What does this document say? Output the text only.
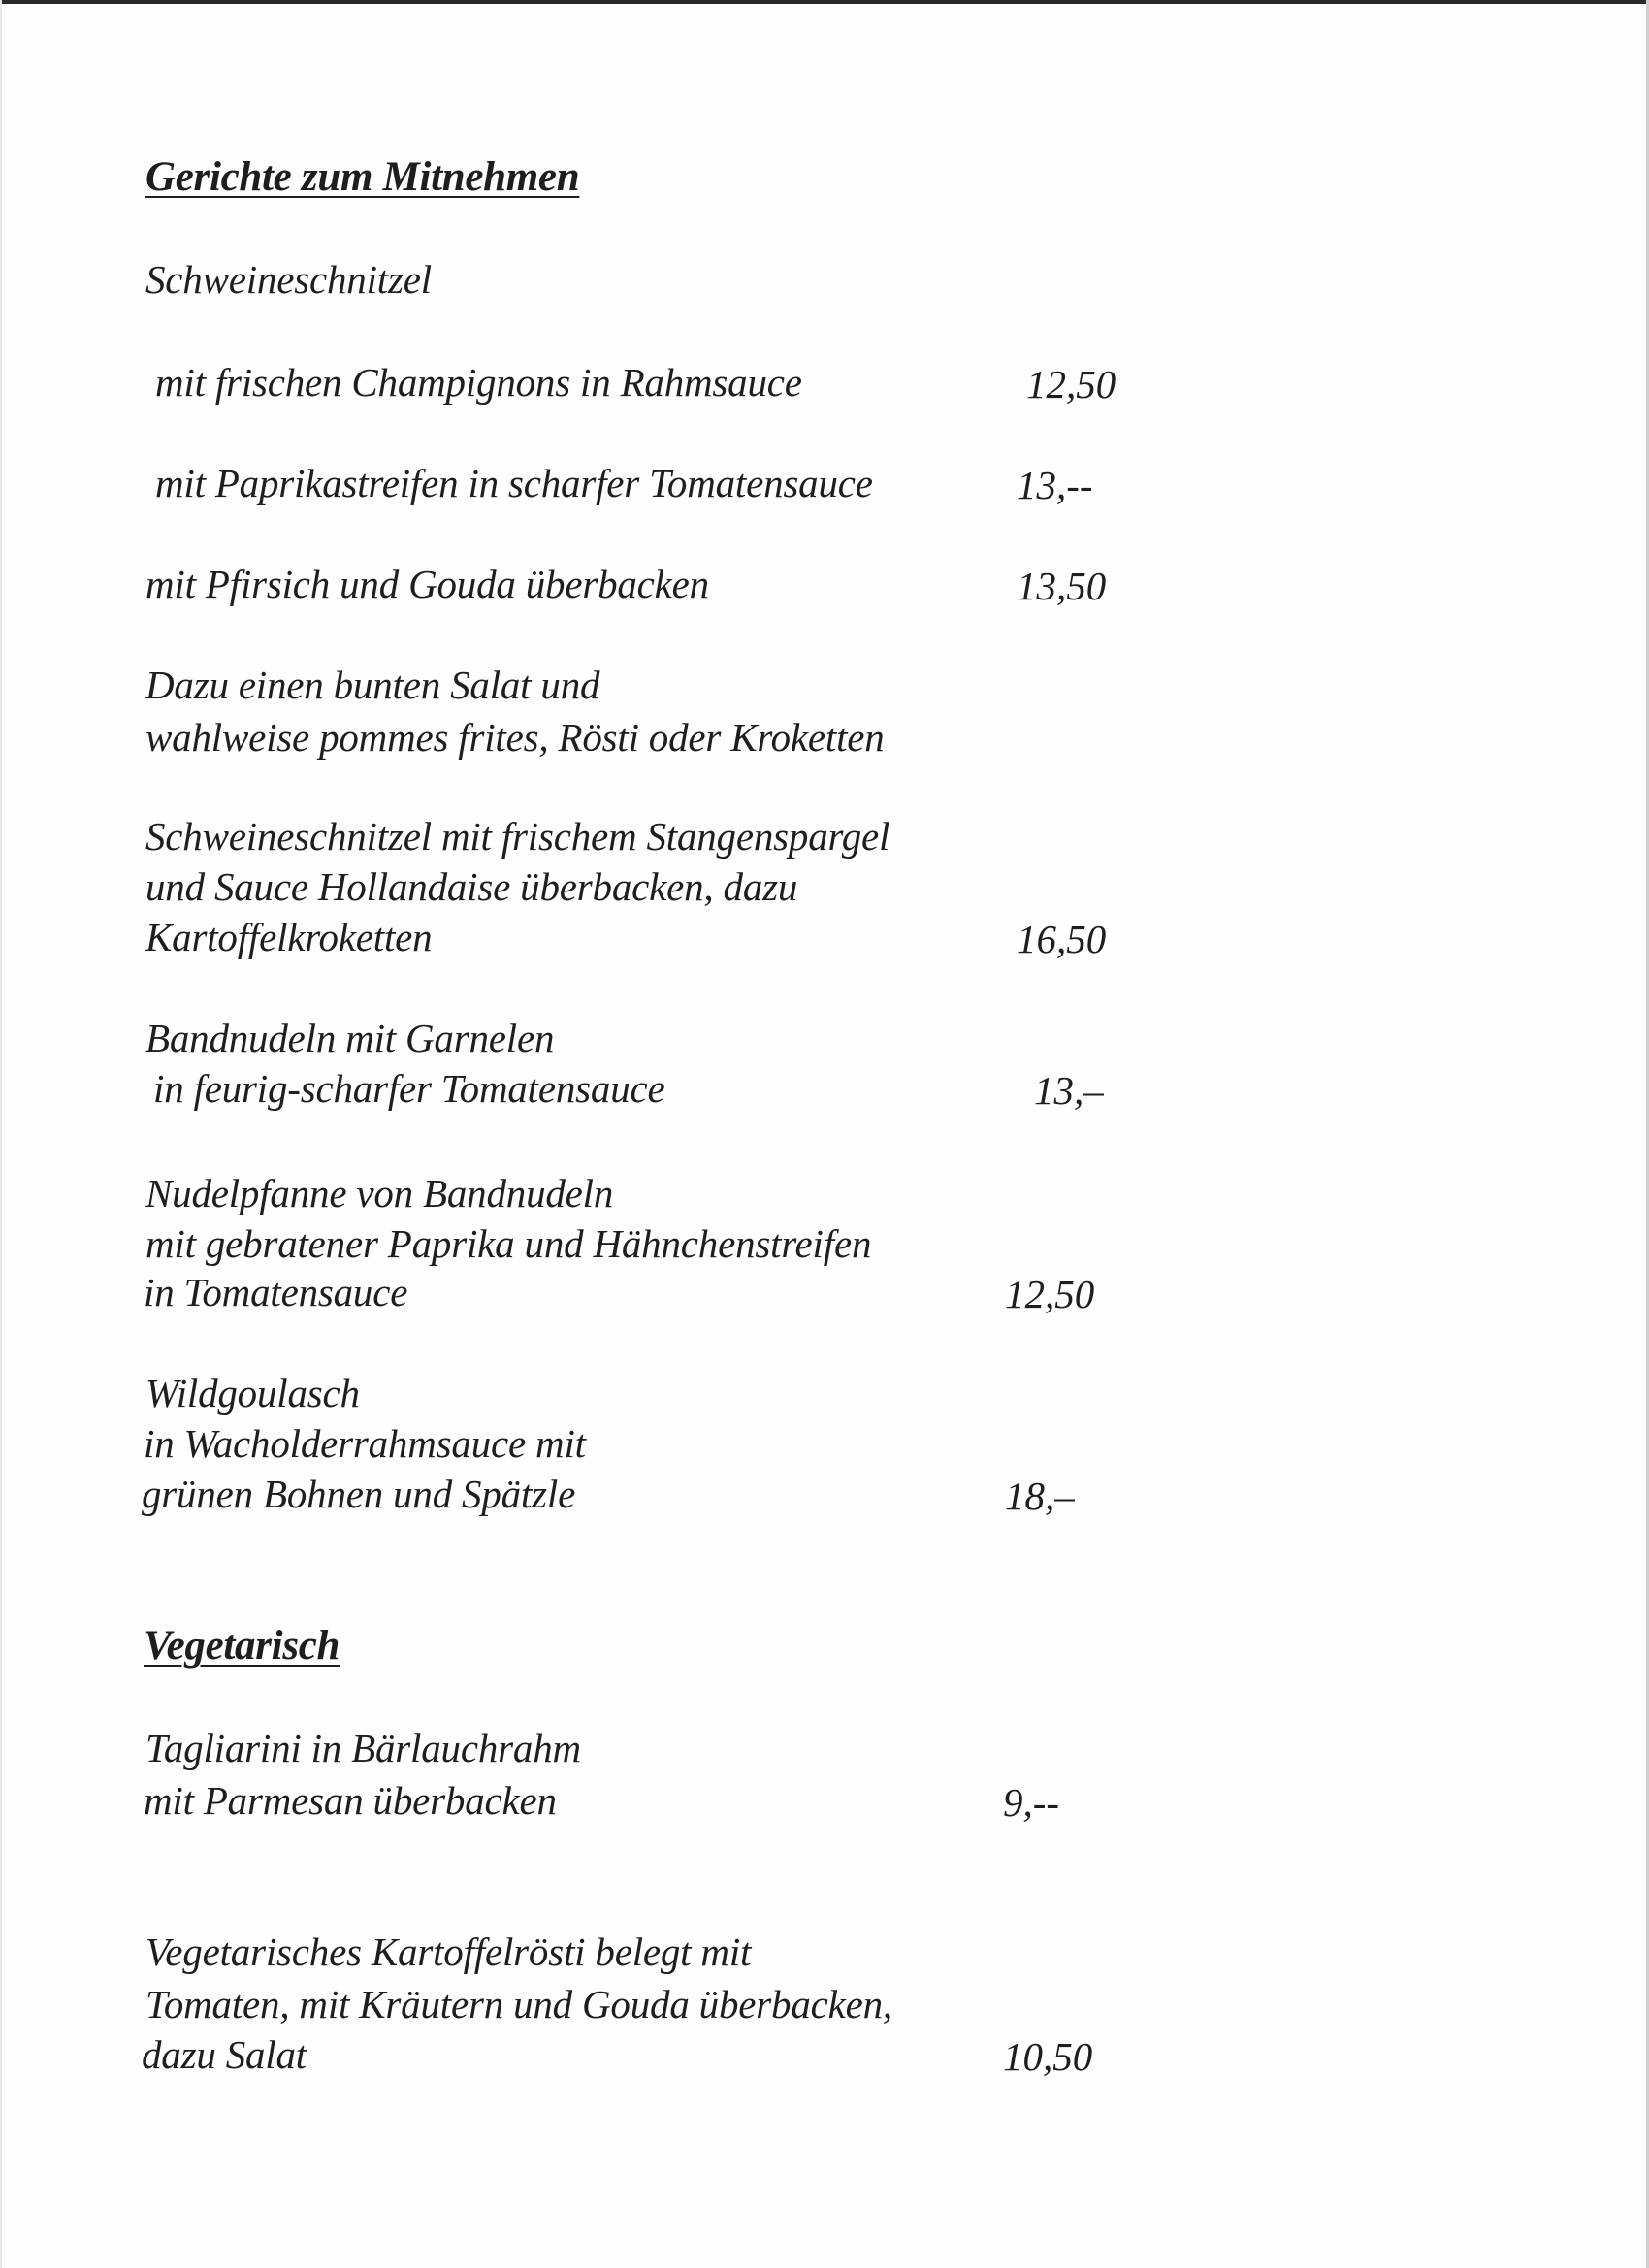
Gerichte zum Mitnehmen
Schweineschnitzel
mit frischen Champignons in Rahmsauce	12,50
mit Paprikastreifen in scharfer Tomatensauce	13,--
mit Pfirsich und Gouda überbacken	13,50
Dazu einen bunten Salat und
wahlweise pommes frites, Rösti oder Kroketten
Schweineschnitzel mit frischem Stangenspargel
und Sauce Hollandaise überbacken, dazu
Kartoffelkroketten	16,50
Bandnudeln mit Garnelen
in feurig-scharfer Tomatensauce	13,–
Nudelpfanne von Bandnudeln
mit gebratener Paprika und Hähnchenstreifen
in Tomatensauce	12,50
Wildgoulasch
in Wacholderrahmsauce mit
grünen Bohnen und Spätzle	18,–
Vegetarisch
Tagliarini in Bärlauchrahm
mit Parmesan überbacken	9,--
Vegetarisches Kartoffelrösti belegt mit
Tomaten, mit Kräutern und Gouda überbacken,
dazu Salat	10,50
